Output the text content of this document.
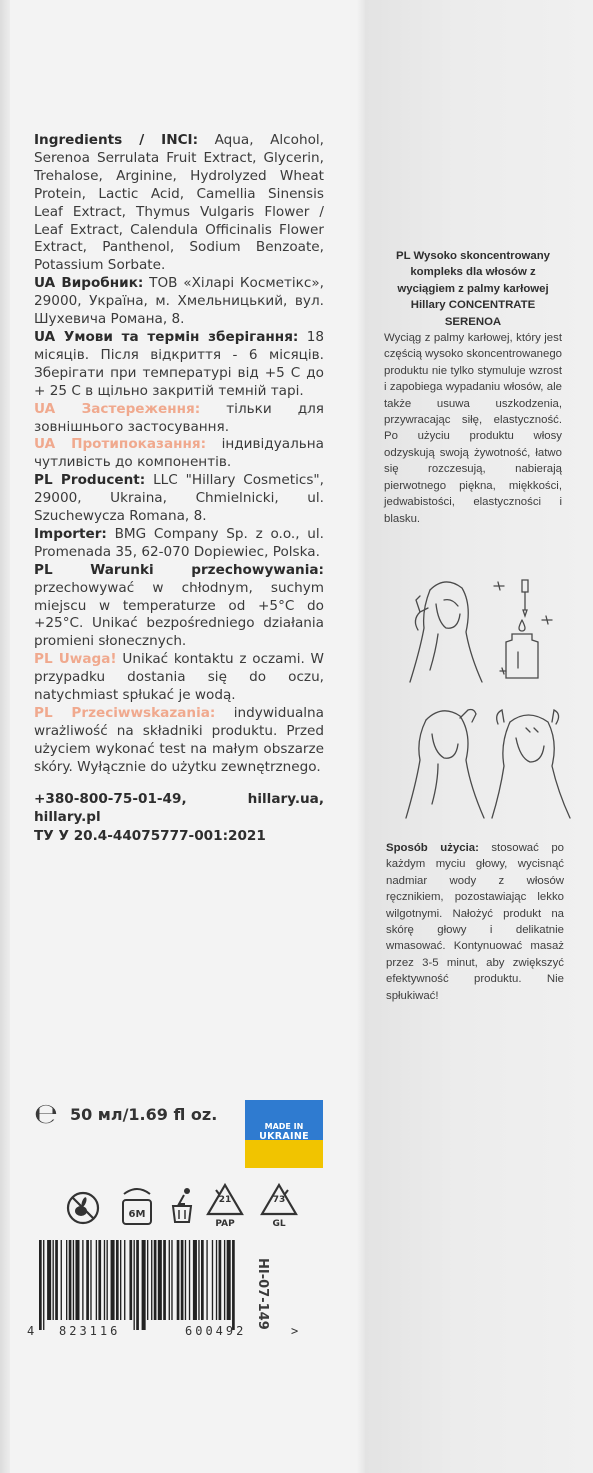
Ingredients / INCI: Aqua, Alcohol, Serenoa Serrulata Fruit Extract, Glycerin, Trehalose, Arginine, Hydrolyzed Wheat Protein, Lactic Acid, Camellia Sinensis Leaf Extract, Thymus Vulgaris Flower / Leaf Extract, Calendula Officinalis Flower Extract, Panthenol, Sodium Benzoate, Potassium Sorbate.

UA Виробник: ТОВ «Хіларі Косметікс», 29000, Україна, м. Хмельницький, вул. Шухевича Романа, 8.

UA Умови та термін зберігання: 18 місяців. Після відкриття - 6 місяців. Зберігати при температурі від +5 С до + 25 С в щільно закритій темній тарі.

UA Застереження: тільки для зовнішнього застосування.

UA Протипоказання: індивідуальна чутливість до компонентів.

PL Producent: LLC "Hillary Cosmetics", 29000, Ukraina, Chmielnicki, ul. Szuchewycza Romana, 8.

Importer: BMG Company Sp. z o.o., ul. Promenada 35, 62-070 Dopiewiec, Polska.

PL Warunki przechowywania: przechowywać w chłodnym, suchym miejscu w temperaturze od +5°C do +25°C. Unikać bezpośredniego działania promieni słonecznych.

PL Uwaga! Unikać kontaktu z oczami. W przypadku dostania się do oczu, natychmiast spłukać je wodą.

PL Przeciwwskazania: indywidualna wrażliwość na składniki produktu. Przed użyciem wykonać test na małym obszarze skóry. Wyłącznie do użytku zewnętrznego.

+380-800-75-01-49,	hillary.ua,
hillary.pl
ТУ У 20.4-44075777-001:2021
℮ 50 мл/1.69 fl oz.
MADE IN
UKRAINE
6M
21
PAP
73
GL
4 823116	600492	>
HI-07-149
PL Wysoko skoncentrowany kompleks dla włosów z wyciągiem z palmy karłowej Hillary CONCENTRATE SERENOA
Wyciąg z palmy karłowej, który jest częścią wysoko skoncentrowanego produktu nie tylko stymuluje wzrost i zapobiega wypadaniu włosów, ale także usuwa uszkodzenia, przywracając siłę, elastyczność. Po użyciu produktu włosy odzyskują swoją żywotność, łatwo się rozczesują, nabierają pierwotnego piękna, miękkości, jedwabistości, elastyczności i blasku.
Sposób użycia: stosować po każdym myciu głowy, wycisnąć nadmiar wody z włosów ręcznikiem, pozostawiając lekko wilgotnymi. Nałożyć produkt na skórę głowy i delikatnie wmasować. Kontynuować masaż przez 3-5 minut, aby zwiększyć efektywność produktu. Nie spłukiwać!
